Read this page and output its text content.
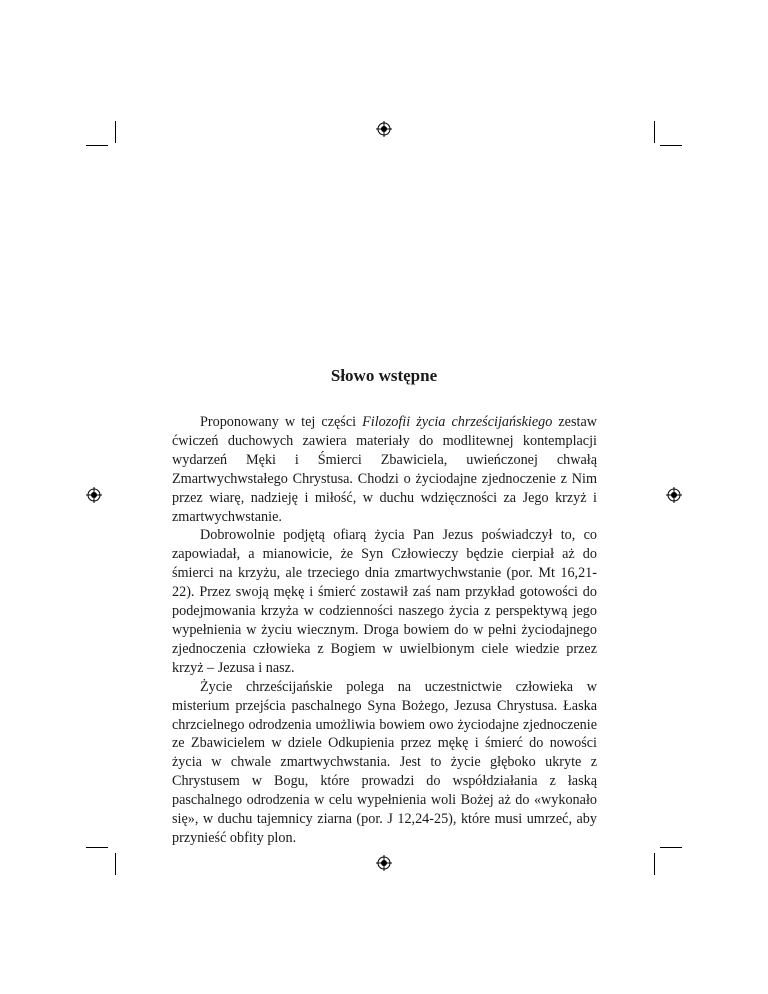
Słowo wstępne

Proponowany w tej części Filozofii życia chrześcijańskiego zestaw ćwiczeń duchowych zawiera materiały do modlitewnej kontemplacji wydarzeń Męki i Śmierci Zbawiciela, uwieńczonej chwałą Zmartwychwstałego Chrystusa. Chodzi o życiodajne zjednoczenie z Nim przez wiarę, nadzieję i miłość, w duchu wdzięczności za Jego krzyż i zmartwychwstanie.

Dobrowolnie podjętą ofiarą życia Pan Jezus poświadczył to, co zapowiadał, a mianowicie, że Syn Człowieczy będzie cierpiał aż do śmierci na krzyżu, ale trzeciego dnia zmartwychwstanie (por. Mt 16,21-22). Przez swoją mękę i śmierć zostawił zaś nam przykład gotowości do podejmowania krzyża w codzienności naszego życia z perspektywą jego wypełnienia w życiu wiecznym. Droga bowiem do w pełni życiodajnego zjednoczenia człowieka z Bogiem w uwielbionym ciele wiedzie przez krzyż – Jezusa i nasz.

Życie chrześcijańskie polega na uczestnictwie człowieka w misterium przejścia paschalnego Syna Bożego, Jezusa Chrystusa. Łaska chrzcielnego odrodzenia umożliwia bowiem owo życiodajne zjednoczenie ze Zbawicielem w dziele Odkupienia przez mękę i śmierć do nowości życia w chwale zmartwychwstania. Jest to życie głęboko ukryte z Chrystusem w Bogu, które prowadzi do współdziałania z łaską paschalnego odrodzenia w celu wypełnienia woli Bożej aż do «wykonało się», w duchu tajemnicy ziarna (por. J 12,24-25), które musi umrzeć, aby przynieść obfity plon.
